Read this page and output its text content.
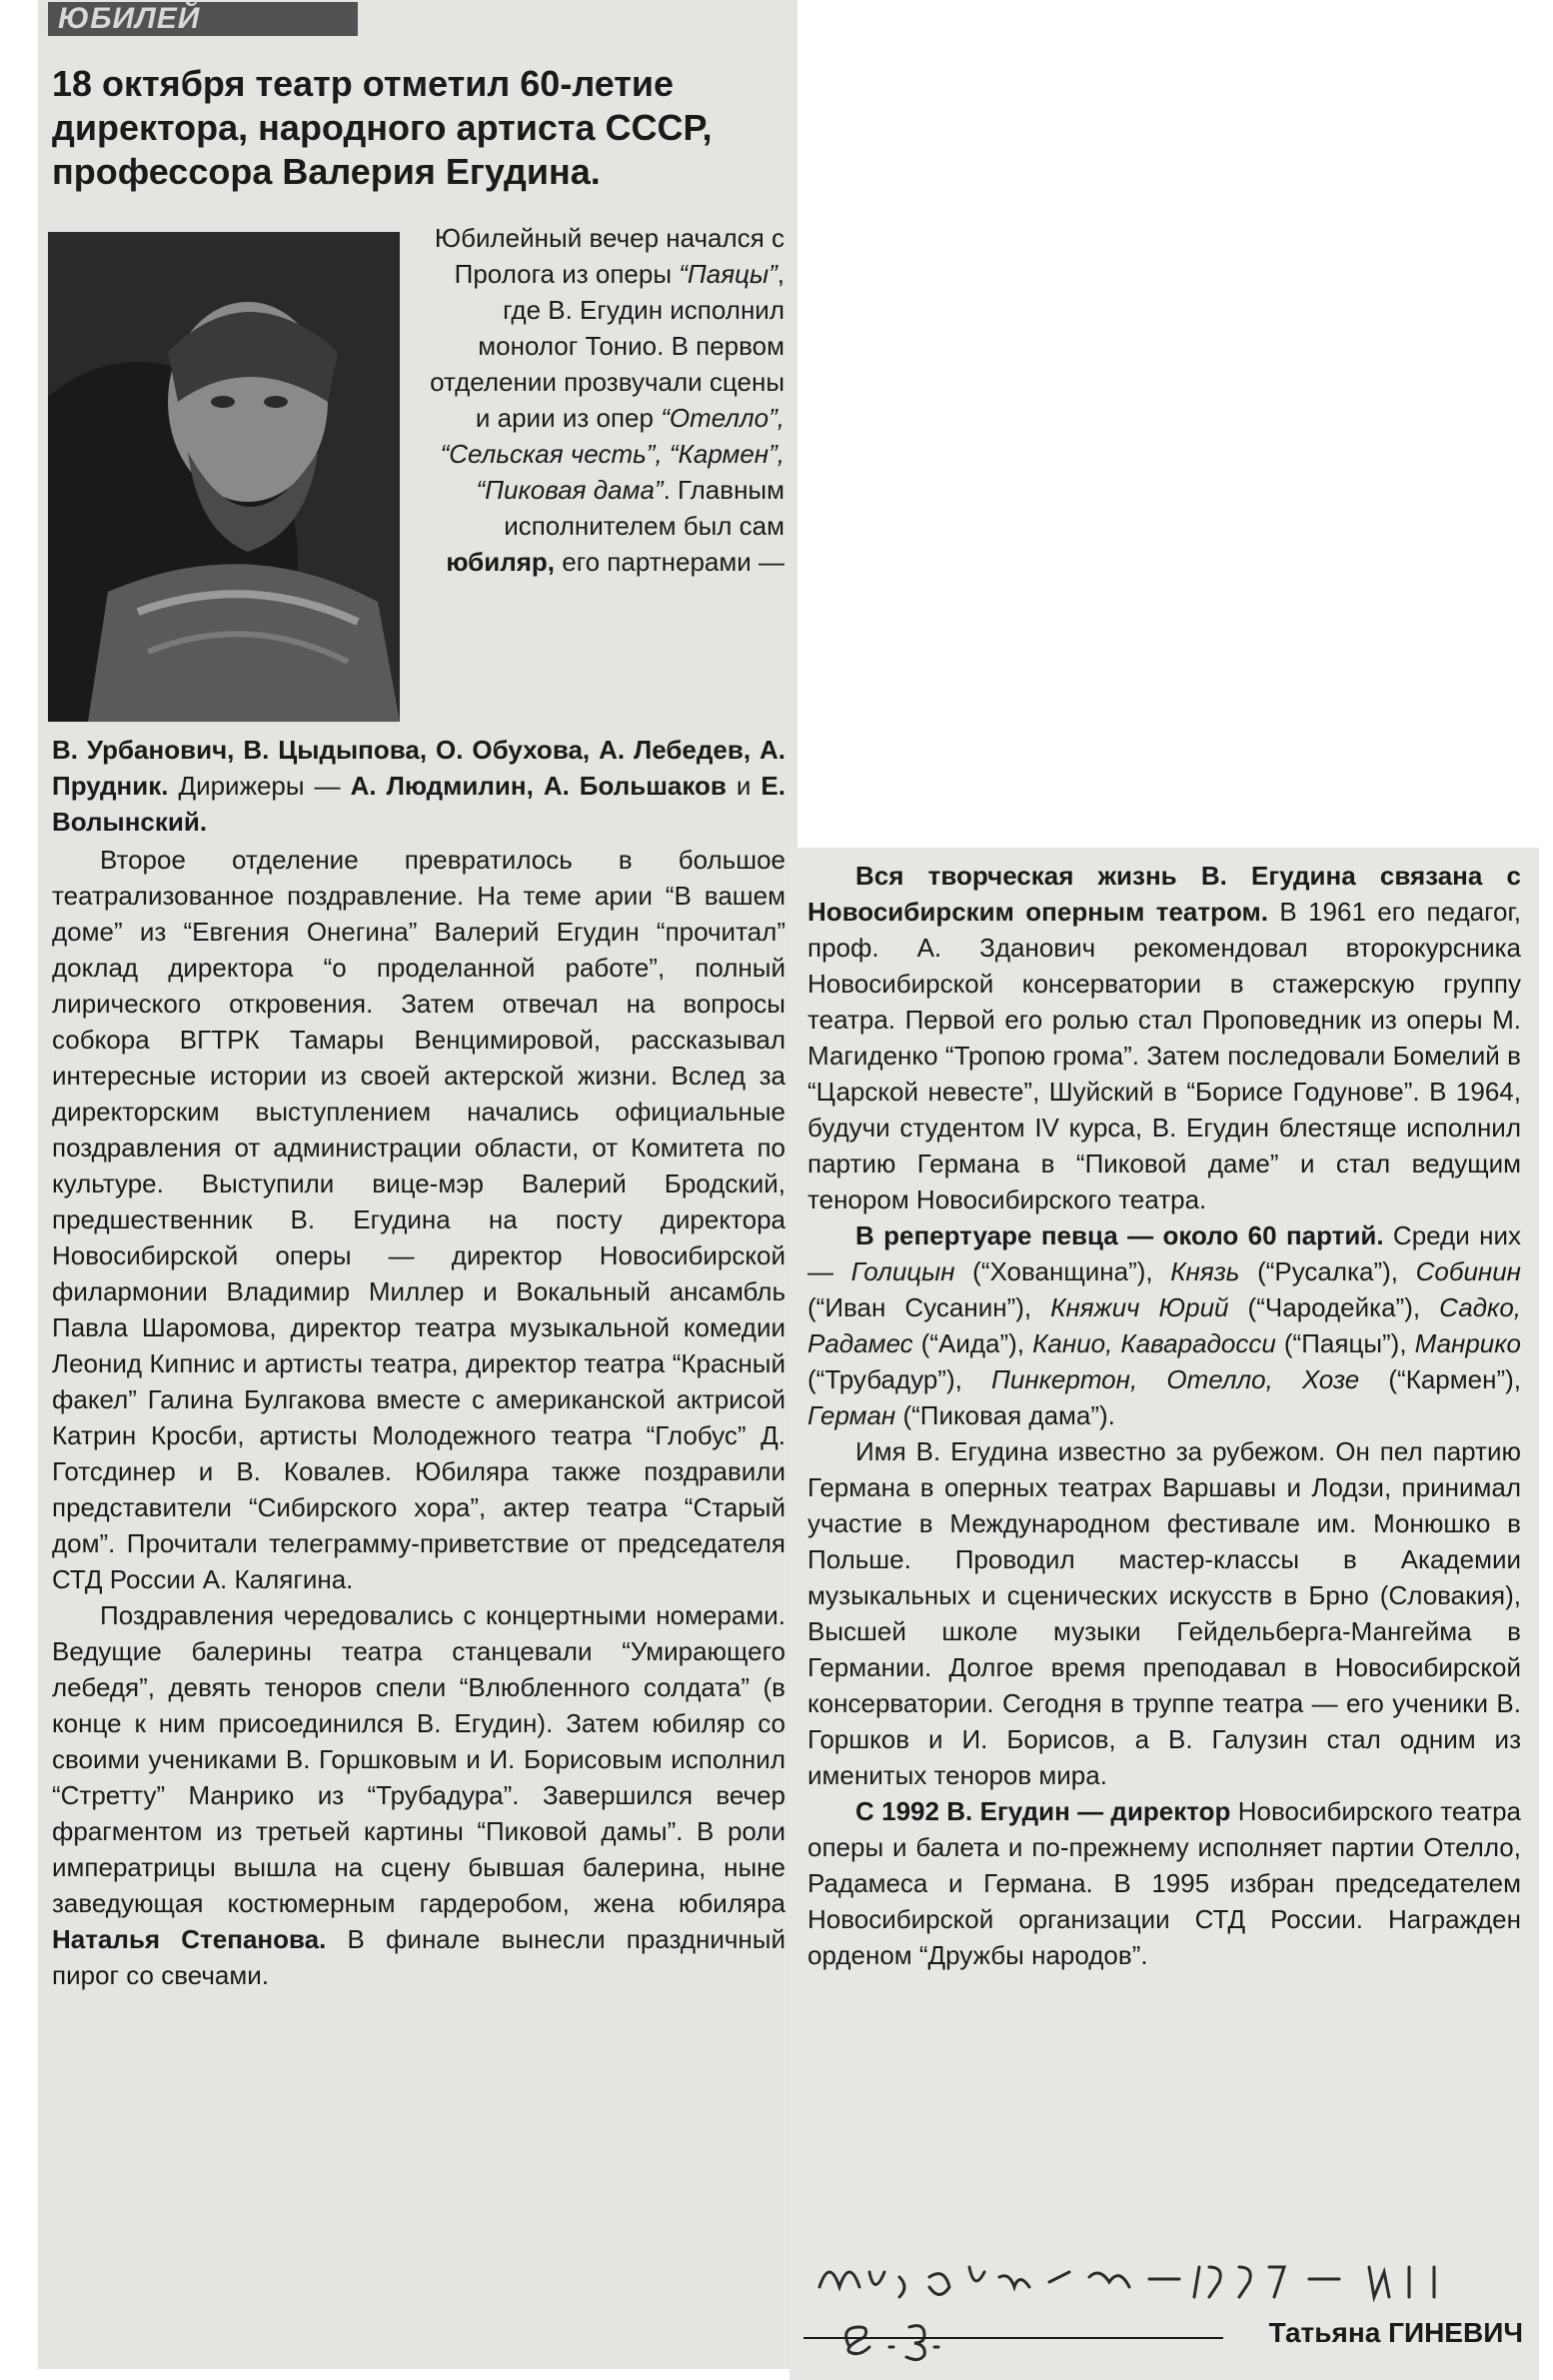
ЮБИЛЕЙ
18 октября театр отметил 60-летие директора, народного артиста СССР, профессора Валерия Егудина.
Юбилейный вечер начался с Пролога из оперы “Паяцы”, где В. Егудин исполнил монолог Тонио. В первом отделении прозвучали сцены и арии из опер “Отелло”, “Сельская честь”, “Кармен”, “Пиковая дама”. Главным исполнителем был сам юбиляр, его партнерами —
В. Урбанович, В. Цыдыпова, О. Обухова, А. Лебедев, А. Прудник. Дирижеры — А. Людмилин, А. Большаков и Е. Волынский.

Второе отделение превратилось в большое театрализованное поздравление. На теме арии “В вашем доме” из “Евгения Онегина” Валерий Егудин “прочитал” доклад директора “о проделанной работе”, полный лирического откровения. Затем отвечал на вопросы собкора ВГТРК Тамары Венцимировой, рассказывал интересные истории из своей актерской жизни. Вслед за директорским выступлением начались официальные поздравления от администрации области, от Комитета по культуре. Выступили вице-мэр Валерий Бродский, предшественник В. Егудина на посту директора Новосибирской оперы — директор Новосибирской филармонии Владимир Миллер и Вокальный ансамбль Павла Шаромова, директор театра музыкальной комедии Леонид Кипнис и артисты театра, директор театра “Красный факел” Галина Булгакова вместе с американской актрисой Катрин Кросби, артисты Молодежного театра “Глобус” Д. Готсдинер и В. Ковалев. Юбиляра также поздравили представители “Сибирского хора”, актер театра “Старый дом”. Прочитали телеграмму-приветствие от председателя СТД России А. Калягина.

Поздравления чередовались с концертными номерами. Ведущие балерины театра станцевали “Умирающего лебедя”, девять теноров спели “Влюбленного солдата” (в конце к ним присоединился В. Егудин). Затем юбиляр со своими учениками В. Горшковым и И. Борисовым исполнил “Стретту” Манрико из “Трубадура”. Завершился вечер фрагментом из третьей картины “Пиковой дамы”. В роли императрицы вышла на сцену бывшая балерина, ныне заведующая костюмерным гардеробом, жена юбиляра Наталья Степанова. В финале вынесли праздничный пирог со свечами.

Вся творческая жизнь В. Егудина связана с Новосибирским оперным театром. В 1961 его педагог, проф. А. Зданович рекомендовал второкурсника Новосибирской консерватории в стажерскую группу театра. Первой его ролью стал Проповедник из оперы М. Магиденко “Тропою грома”. Затем последовали Бомелий в “Царской невесте”, Шуйский в “Борисе Годунове”. В 1964, будучи студентом IV курса, В. Егудин блестяще исполнил партию Германа в “Пиковой даме” и стал ведущим тенором Новосибирского театра.

В репертуаре певца — около 60 партий. Среди них — Голицын (“Хованщина”), Князь (“Русалка”), Собинин (“Иван Сусанин”), Княжич Юрий (“Чародейка”), Садко, Радамес (“Аида”), Канио, Каварадосси (“Паяцы”), Манрико (“Трубадур”), Пинкертон, Отелло, Хозе (“Кармен”), Герман (“Пиковая дама”).

Имя В. Егудина известно за рубежом. Он пел партию Германа в оперных театрах Варшавы и Лодзи, принимал участие в Международном фестивале им. Монюшко в Польше. Проводил мастер-классы в Академии музыкальных и сценических искусств в Брно (Словакия), Высшей школе музыки Гейдельберга-Мангейма в Германии. Долгое время преподавал в Новосибирской консерватории. Сегодня в труппе театра — его ученики В. Горшков и И. Борисов, а В. Галузин стал одним из именитых теноров мира.

С 1992 В. Егудин — директор Новосибирского театра оперы и балета и по-прежнему исполняет партии Отелло, Радамеса и Германа. В 1995 избран председателем Новосибирской организации СТД России. Награжден орденом “Дружбы народов”.

Татьяна ГИНЕВИЧ
